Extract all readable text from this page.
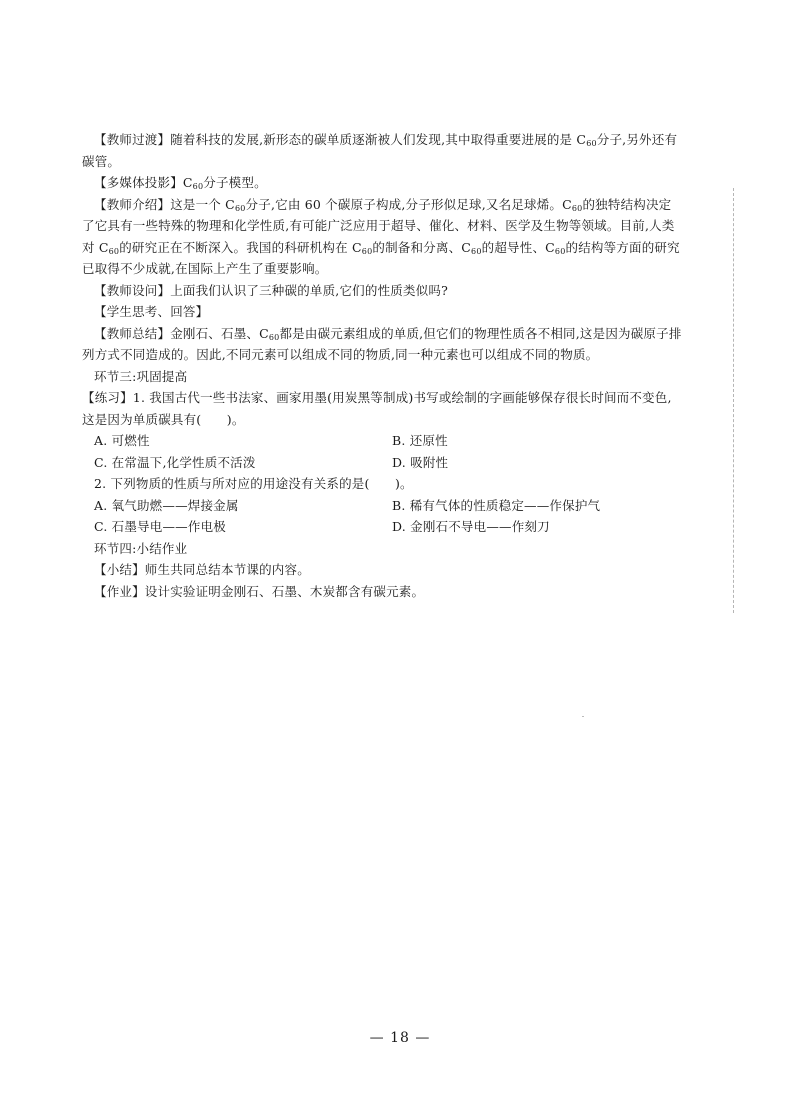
【教师过渡】随着科技的发展,新形态的碳单质逐渐被人们发现,其中取得重要进展的是 $C_{60}$分子,另外还有碳管。

【多媒体投影】$C_{60}$分子模型。

【教师介绍】这是一个 $C_{60}$分子,它由 60 个碳原子构成,分子形似足球,又名足球烯。$C_{60}$的独特结构决定了它具有一些特殊的物理和化学性质,有可能广泛应用于超导、催化、材料、医学及生物等领域。目前,人类对 $C_{60}$的研究正在不断深入。我国的科研机构在 $C_{60}$的制备和分离、$C_{60}$的超导性、$C_{60}$的结构等方面的研究已取得不少成就,在国际上产生了重要影响。

【教师设问】上面我们认识了三种碳的单质,它们的性质类似吗?

【学生思考、回答】

【教师总结】金刚石、石墨、$C_{60}$都是由碳元素组成的单质,但它们的物理性质各不相同,这是因为碳原子排列方式不同造成的。因此,不同元素可以组成不同的物质,同一种元素也可以组成不同的物质。

环节三:巩固提高

【练习】1. 我国古代一些书法家、画家用墨(用炭黑等制成)书写或绘制的字画能够保存很长时间而不变色,这是因为单质碳具有(　　)。

A. 可燃性	B. 还原性
C. 在常温下,化学性质不活泼	D. 吸附性

2. 下列物质的性质与所对应的用途没有关系的是(　　)。

A. 氧气助燃——焊接金属	B. 稀有气体的性质稳定——作保护气
C. 石墨导电——作电极	D. 金刚石不导电——作刻刀

环节四:小结作业

【小结】师生共同总结本节课的内容。

【作业】设计实验证明金刚石、石墨、木炭都含有碳元素。

— 18 —
